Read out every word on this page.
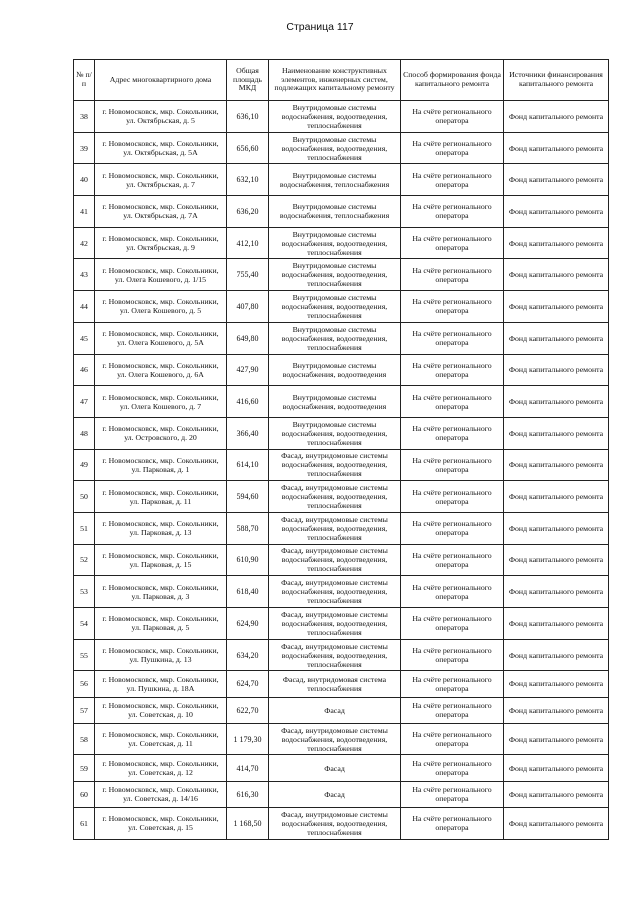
Страница 117
№ п/п	Адрес многоквартирного дома	Общая площадь МКД	Наименование конструктивных элементов, инженерных систем, подлежащих капитальному ремонту	Способ формирования фонда капитального ремонта	Источники финансирования капитального ремонта
38	г. Новомосковск, мкр. Сокольники, ул. Октябрьская, д. 5	636,10	Внутридомовые системы водоснабжения, водоотведения, теплоснабжения	На счёте регионального оператора	Фонд капитального ремонта
39	г. Новомосковск, мкр. Сокольники, ул. Октябрьская, д. 5А	656,60	Внутридомовые системы водоснабжения, водоотведения, теплоснабжения	На счёте регионального оператора	Фонд капитального ремонта
40	г. Новомосковск, мкр. Сокольники, ул. Октябрьская, д. 7	632,10	Внутридомовые системы водоснабжения, теплоснабжения	На счёте регионального оператора	Фонд капитального ремонта
41	г. Новомосковск, мкр. Сокольники, ул. Октябрьская, д. 7А	636,20	Внутридомовые системы водоснабжения, теплоснабжения	На счёте регионального оператора	Фонд капитального ремонта
42	г. Новомосковск, мкр. Сокольники, ул. Октябрьская, д. 9	412,10	Внутридомовые системы водоснабжения, водоотведения, теплоснабжения	На счёте регионального оператора	Фонд капитального ремонта
43	г. Новомосковск, мкр. Сокольники, ул. Олега Кошевого, д. 1/15	755,40	Внутридомовые системы водоснабжения, водоотведения, теплоснабжения	На счёте регионального оператора	Фонд капитального ремонта
44	г. Новомосковск, мкр. Сокольники, ул. Олега Кошевого, д. 5	407,80	Внутридомовые системы водоснабжения, водоотведения, теплоснабжения	На счёте регионального оператора	Фонд капитального ремонта
45	г. Новомосковск, мкр. Сокольники, ул. Олега Кошевого, д. 5А	649,80	Внутридомовые системы водоснабжения, водоотведения, теплоснабжения	На счёте регионального оператора	Фонд капитального ремонта
46	г. Новомосковск, мкр. Сокольники, ул. Олега Кошевого, д. 6А	427,90	Внутридомовые системы водоснабжения, водоотведения	На счёте регионального оператора	Фонд капитального ремонта
47	г. Новомосковск, мкр. Сокольники, ул. Олега Кошевого, д. 7	416,60	Внутридомовые системы водоснабжения, водоотведения	На счёте регионального оператора	Фонд капитального ремонта
48	г. Новомосковск, мкр. Сокольники, ул. Островского, д. 20	366,40	Внутридомовые системы водоснабжения, водоотведения, теплоснабжения	На счёте регионального оператора	Фонд капитального ремонта
49	г. Новомосковск, мкр. Сокольники, ул. Парковая, д. 1	614,10	Фасад, внутридомовые системы водоснабжения, водоотведения, теплоснабжения	На счёте регионального оператора	Фонд капитального ремонта
50	г. Новомосковск, мкр. Сокольники, ул. Парковая, д. 11	594,60	Фасад, внутридомовые системы водоснабжения, водоотведения, теплоснабжения	На счёте регионального оператора	Фонд капитального ремонта
51	г. Новомосковск, мкр. Сокольники, ул. Парковая, д. 13	588,70	Фасад, внутридомовые системы водоснабжения, водоотведения, теплоснабжения	На счёте регионального оператора	Фонд капитального ремонта
52	г. Новомосковск, мкр. Сокольники, ул. Парковая, д. 15	610,90	Фасад, внутридомовые системы водоснабжения, водоотведения, теплоснабжения	На счёте регионального оператора	Фонд капитального ремонта
53	г. Новомосковск, мкр. Сокольники, ул. Парковая, д. 3	618,40	Фасад, внутридомовые системы водоснабжения, водоотведения, теплоснабжения	На счёте регионального оператора	Фонд капитального ремонта
54	г. Новомосковск, мкр. Сокольники, ул. Парковая, д. 5	624,90	Фасад, внутридомовые системы водоснабжения, водоотведения, теплоснабжения	На счёте регионального оператора	Фонд капитального ремонта
55	г. Новомосковск, мкр. Сокольники, ул. Пушкина, д. 13	634,20	Фасад, внутридомовые системы водоснабжения, водоотведения, теплоснабжения	На счёте регионального оператора	Фонд капитального ремонта
56	г. Новомосковск, мкр. Сокольники, ул. Пушкина, д. 18А	624,70	Фасад, внутридомовая система теплоснабжения	На счёте регионального оператора	Фонд капитального ремонта
57	г. Новомосковск, мкр. Сокольники, ул. Советская, д. 10	622,70	Фасад	На счёте регионального оператора	Фонд капитального ремонта
58	г. Новомосковск, мкр. Сокольники, ул. Советская, д. 11	1 179,30	Фасад, внутридомовые системы водоснабжения, водоотведения, теплоснабжения	На счёте регионального оператора	Фонд капитального ремонта
59	г. Новомосковск, мкр. Сокольники, ул. Советская, д. 12	414,70	Фасад	На счёте регионального оператора	Фонд капитального ремонта
60	г. Новомосковск, мкр. Сокольники, ул. Советская, д. 14/16	616,30	Фасад	На счёте регионального оператора	Фонд капитального ремонта
61	г. Новомосковск, мкр. Сокольники, ул. Советская, д. 15	1 168,50	Фасад, внутридомовые системы водоснабжения, водоотведения, теплоснабжения	На счёте регионального оператора	Фонд капитального ремонта
